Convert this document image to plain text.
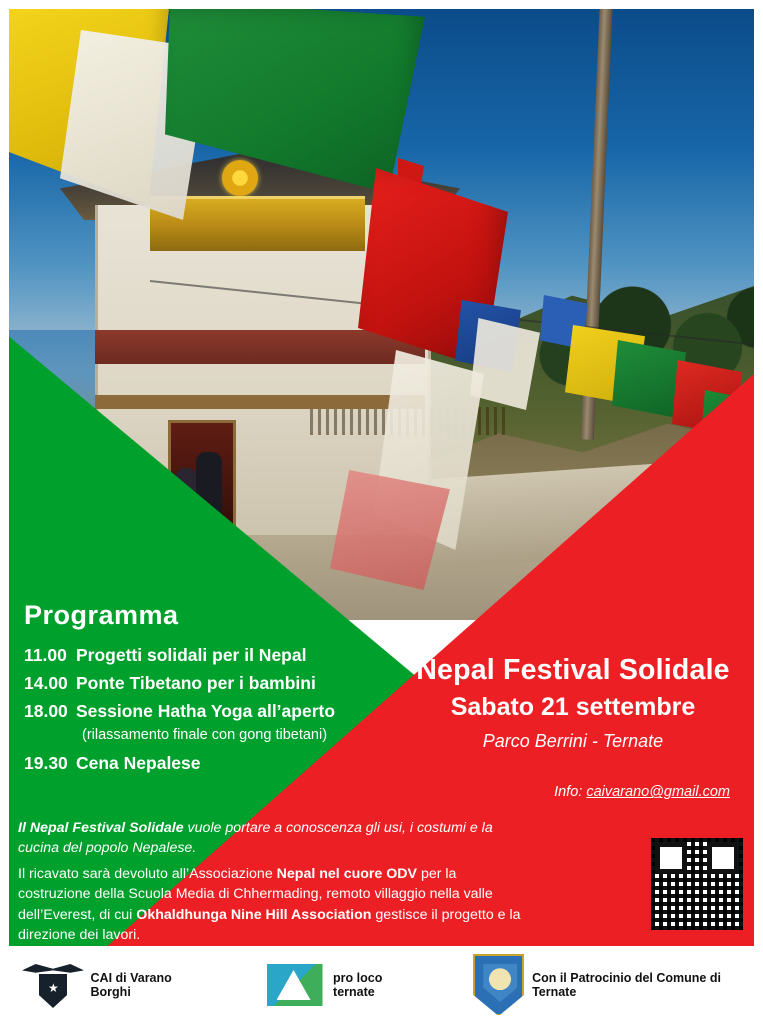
Programma
11.00 Progetti solidali per il Nepal
14.00 Ponte Tibetano per i bambini
18.00 Sessione Hatha Yoga all’aperto
(rilassamento finale con gong tibetani)
19.30 Cena Nepalese
Nepal Festival Solidale
Sabato 21 settembre
Parco Berrini - Ternate
Info: caivarano@gmail.com

Il Nepal Festival Solidale vuole portare a conoscenza gli usi, i costumi e la cucina del popolo Nepalese.

Il ricavato sarà devoluto all’Associazione Nepal nel cuore ODV per la costruzione della Scuola Media di Chhermading, remoto villaggio nella valle dell’Everest, di cui Okhaldhunga Nine Hill Association gestisce il progetto e la direzione dei lavori.

★
CAI di Varano Borghi
pro loco ternate
Con il Patrocinio del Comune di Ternate
